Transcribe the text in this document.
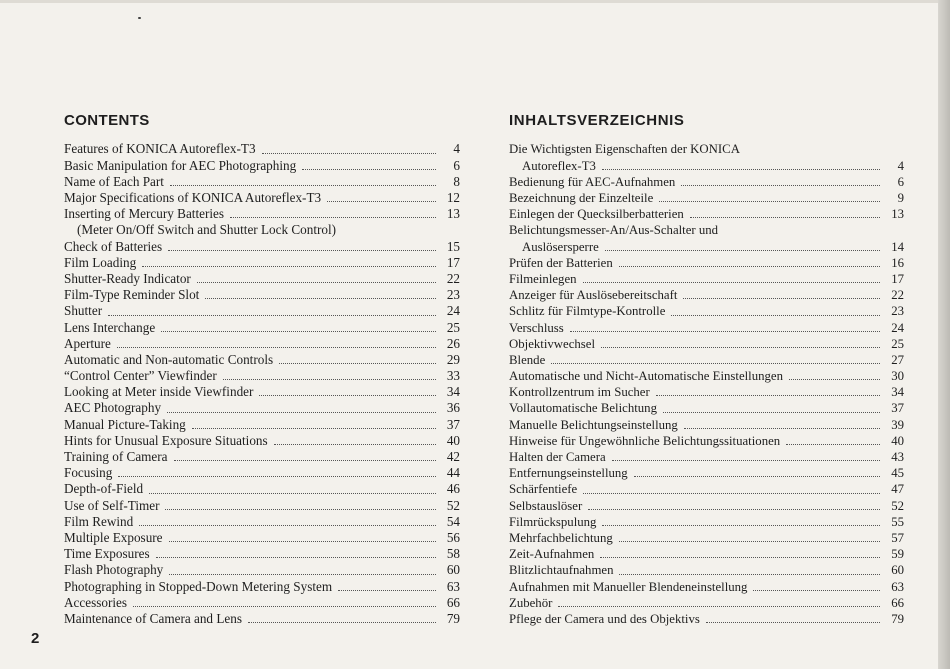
CONTENTS
Features of KONICA Autoreflex-T3	4
Basic Manipulation for AEC Photographing	6
Name of Each Part	8
Major Specifications of KONICA Autoreflex-T3	12
Inserting of Mercury Batteries	13
(Meter On/Off Switch and Shutter Lock Control)
Check of Batteries	15
Film Loading	17
Shutter-Ready Indicator	22
Film-Type Reminder Slot	23
Shutter	24
Lens Interchange	25
Aperture	26
Automatic and Non-automatic Controls	29
“Control Center” Viewfinder	33
Looking at Meter inside Viewfinder	34
AEC Photography	36
Manual Picture-Taking	37
Hints for Unusual Exposure Situations	40
Training of Camera	42
Focusing	44
Depth-of-Field	46
Use of Self-Timer	52
Film Rewind	54
Multiple Exposure	56
Time Exposures	58
Flash Photography	60
Photographing in Stopped-Down Metering System	63
Accessories	66
Maintenance of Camera and Lens	79
INHALTSVERZEICHNIS
Die Wichtigsten Eigenschaften der KONICA
Autoreflex-T3	4
Bedienung für AEC-Aufnahmen	6
Bezeichnung der Einzelteile	9
Einlegen der Quecksilberbatterien	13
Belichtungsmesser-An/Aus-Schalter und
Auslösersperre	14
Prüfen der Batterien	16
Filmeinlegen	17
Anzeiger für Auslösebereitschaft	22
Schlitz für Filmtype-Kontrolle	23
Verschluss	24
Objektivwechsel	25
Blende	27
Automatische und Nicht-Automatische Einstellungen	30
Kontrollzentrum im Sucher	34
Vollautomatische Belichtung	37
Manuelle Belichtungseinstellung	39
Hinweise für Ungewöhnliche Belichtungssituationen	40
Halten der Camera	43
Entfernungseinstellung	45
Schärfentiefe	47
Selbstauslöser	52
Filmrückspulung	55
Mehrfachbelichtung	57
Zeit-Aufnahmen	59
Blitzlichtaufnahmen	60
Aufnahmen mit Manueller Blendeneinstellung	63
Zubehör	66
Pflege der Camera und des Objektivs	79
2
